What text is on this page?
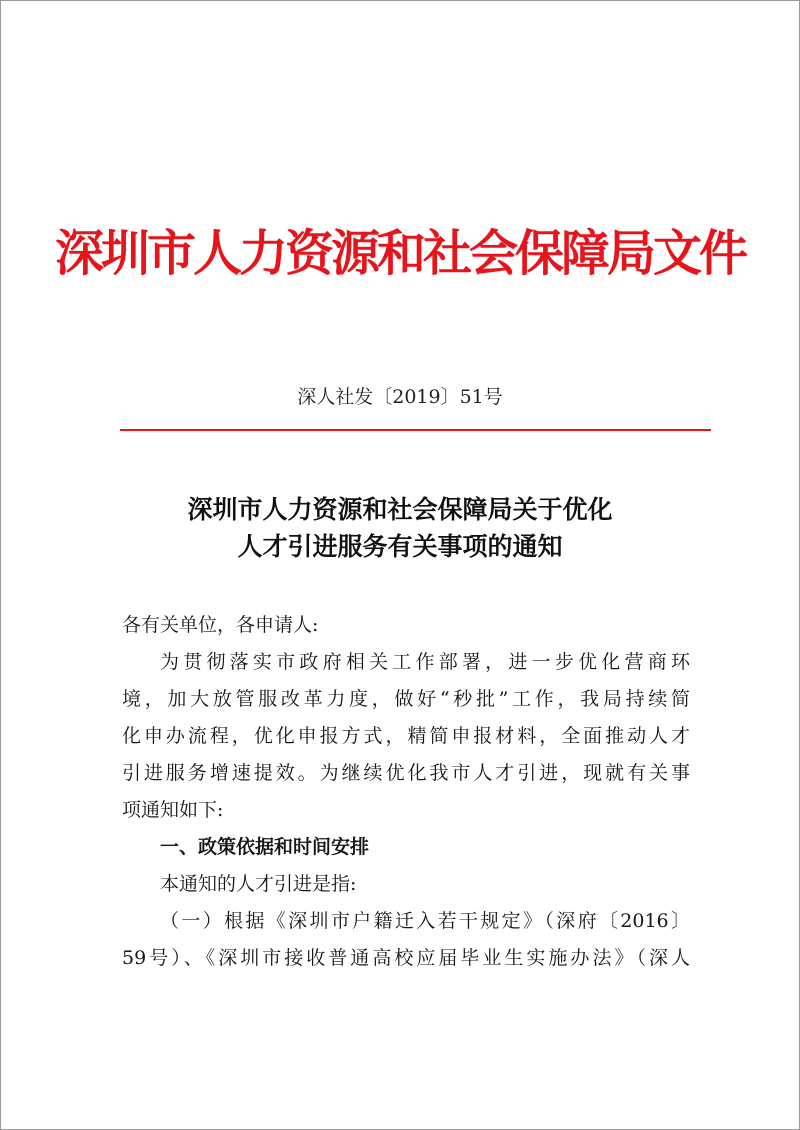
深圳市人力资源和社会保障局文件
深人社发〔2019〕51号
深圳市人力资源和社会保障局关于优化
人才引进服务有关事项的通知
各有关单位，各申请人:
为贯彻落实市政府相关工作部署，进一步优化营商环
境，加大放管服改革力度，做好“秒批”工作，我局持续简
化申办流程，优化申报方式，精简申报材料，全面推动人才
引进服务增速提效。为继续优化我市人才引进，现就有关事
项通知如下:
一、政策依据和时间安排
本通知的人才引进是指:
（一）根据《深圳市户籍迁入若干规定》（深府〔2016〕
59号）、《深圳市接收普通高校应届毕业生实施办法》（深人
